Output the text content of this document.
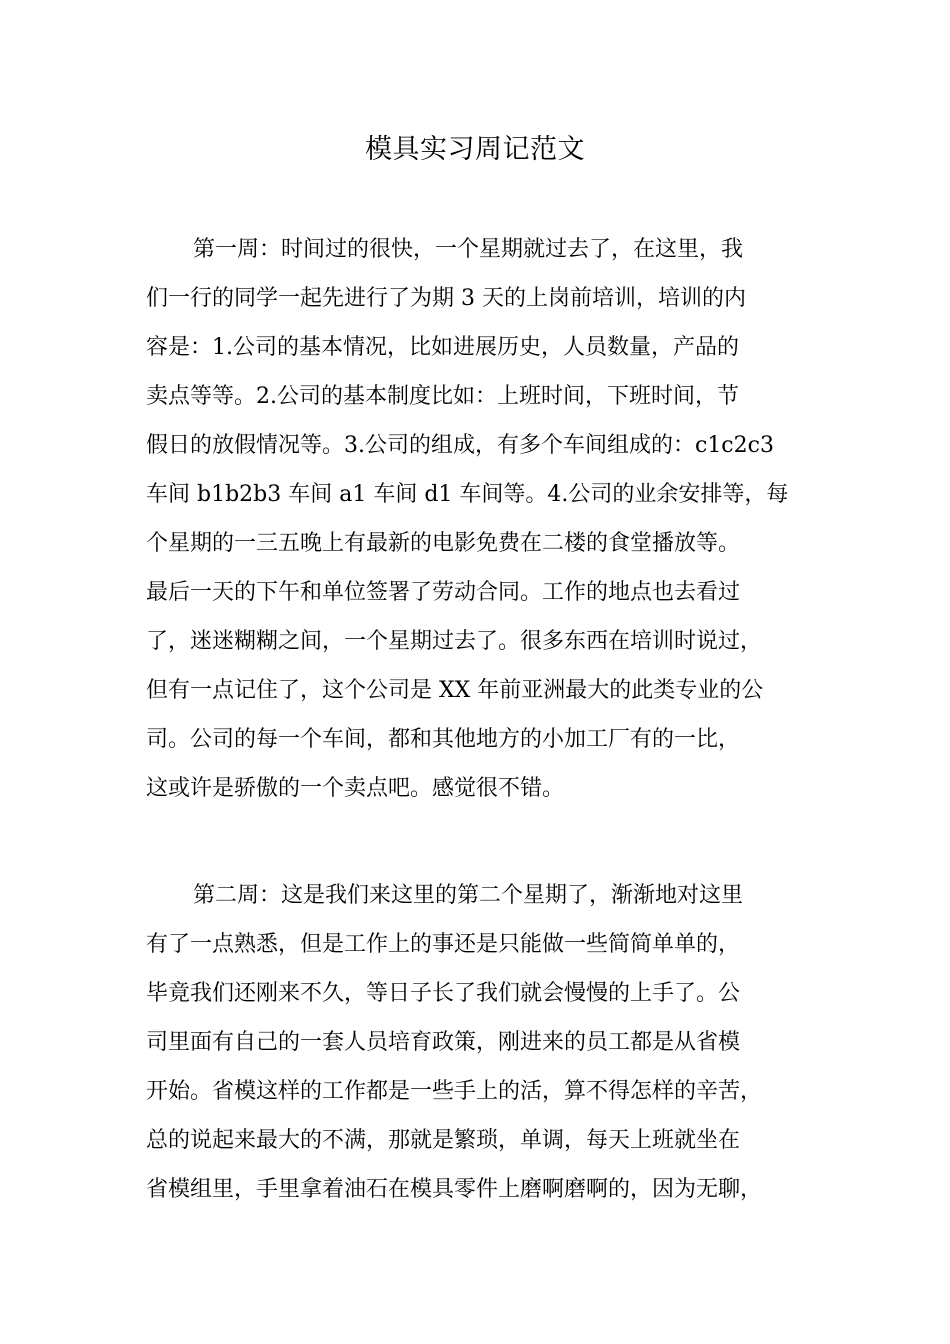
模具实习周记范文
第一周：时间过的很快，一个星期就过去了，在这里，我
们一行的同学一起先进行了为期 3 天的上岗前培训，培训的内
容是：1.公司的基本情况，比如进展历史，人员数量，产品的
卖点等等。2.公司的基本制度比如：上班时间，下班时间，节
假日的放假情况等。3.公司的组成，有多个车间组成的：c1c2c3
车间 b1b2b3 车间 a1 车间 d1 车间等。4.公司的业余安排等，每
个星期的一三五晚上有最新的电影免费在二楼的食堂播放等。
最后一天的下午和单位签署了劳动合同。工作的地点也去看过
了，迷迷糊糊之间，一个星期过去了。很多东西在培训时说过，
但有一点记住了，这个公司是 XX 年前亚洲最大的此类专业的公
司。公司的每一个车间，都和其他地方的小加工厂有的一比，
这或许是骄傲的一个卖点吧。感觉很不错。
第二周：这是我们来这里的第二个星期了，渐渐地对这里
有了一点熟悉，但是工作上的事还是只能做一些简简单单的，
毕竟我们还刚来不久，等日子长了我们就会慢慢的上手了。公
司里面有自己的一套人员培育政策，刚进来的员工都是从省模
开始。省模这样的工作都是一些手上的活，算不得怎样的辛苦，
总的说起来最大的不满，那就是繁琐，单调，每天上班就坐在
省模组里，手里拿着油石在模具零件上磨啊磨啊的，因为无聊，
